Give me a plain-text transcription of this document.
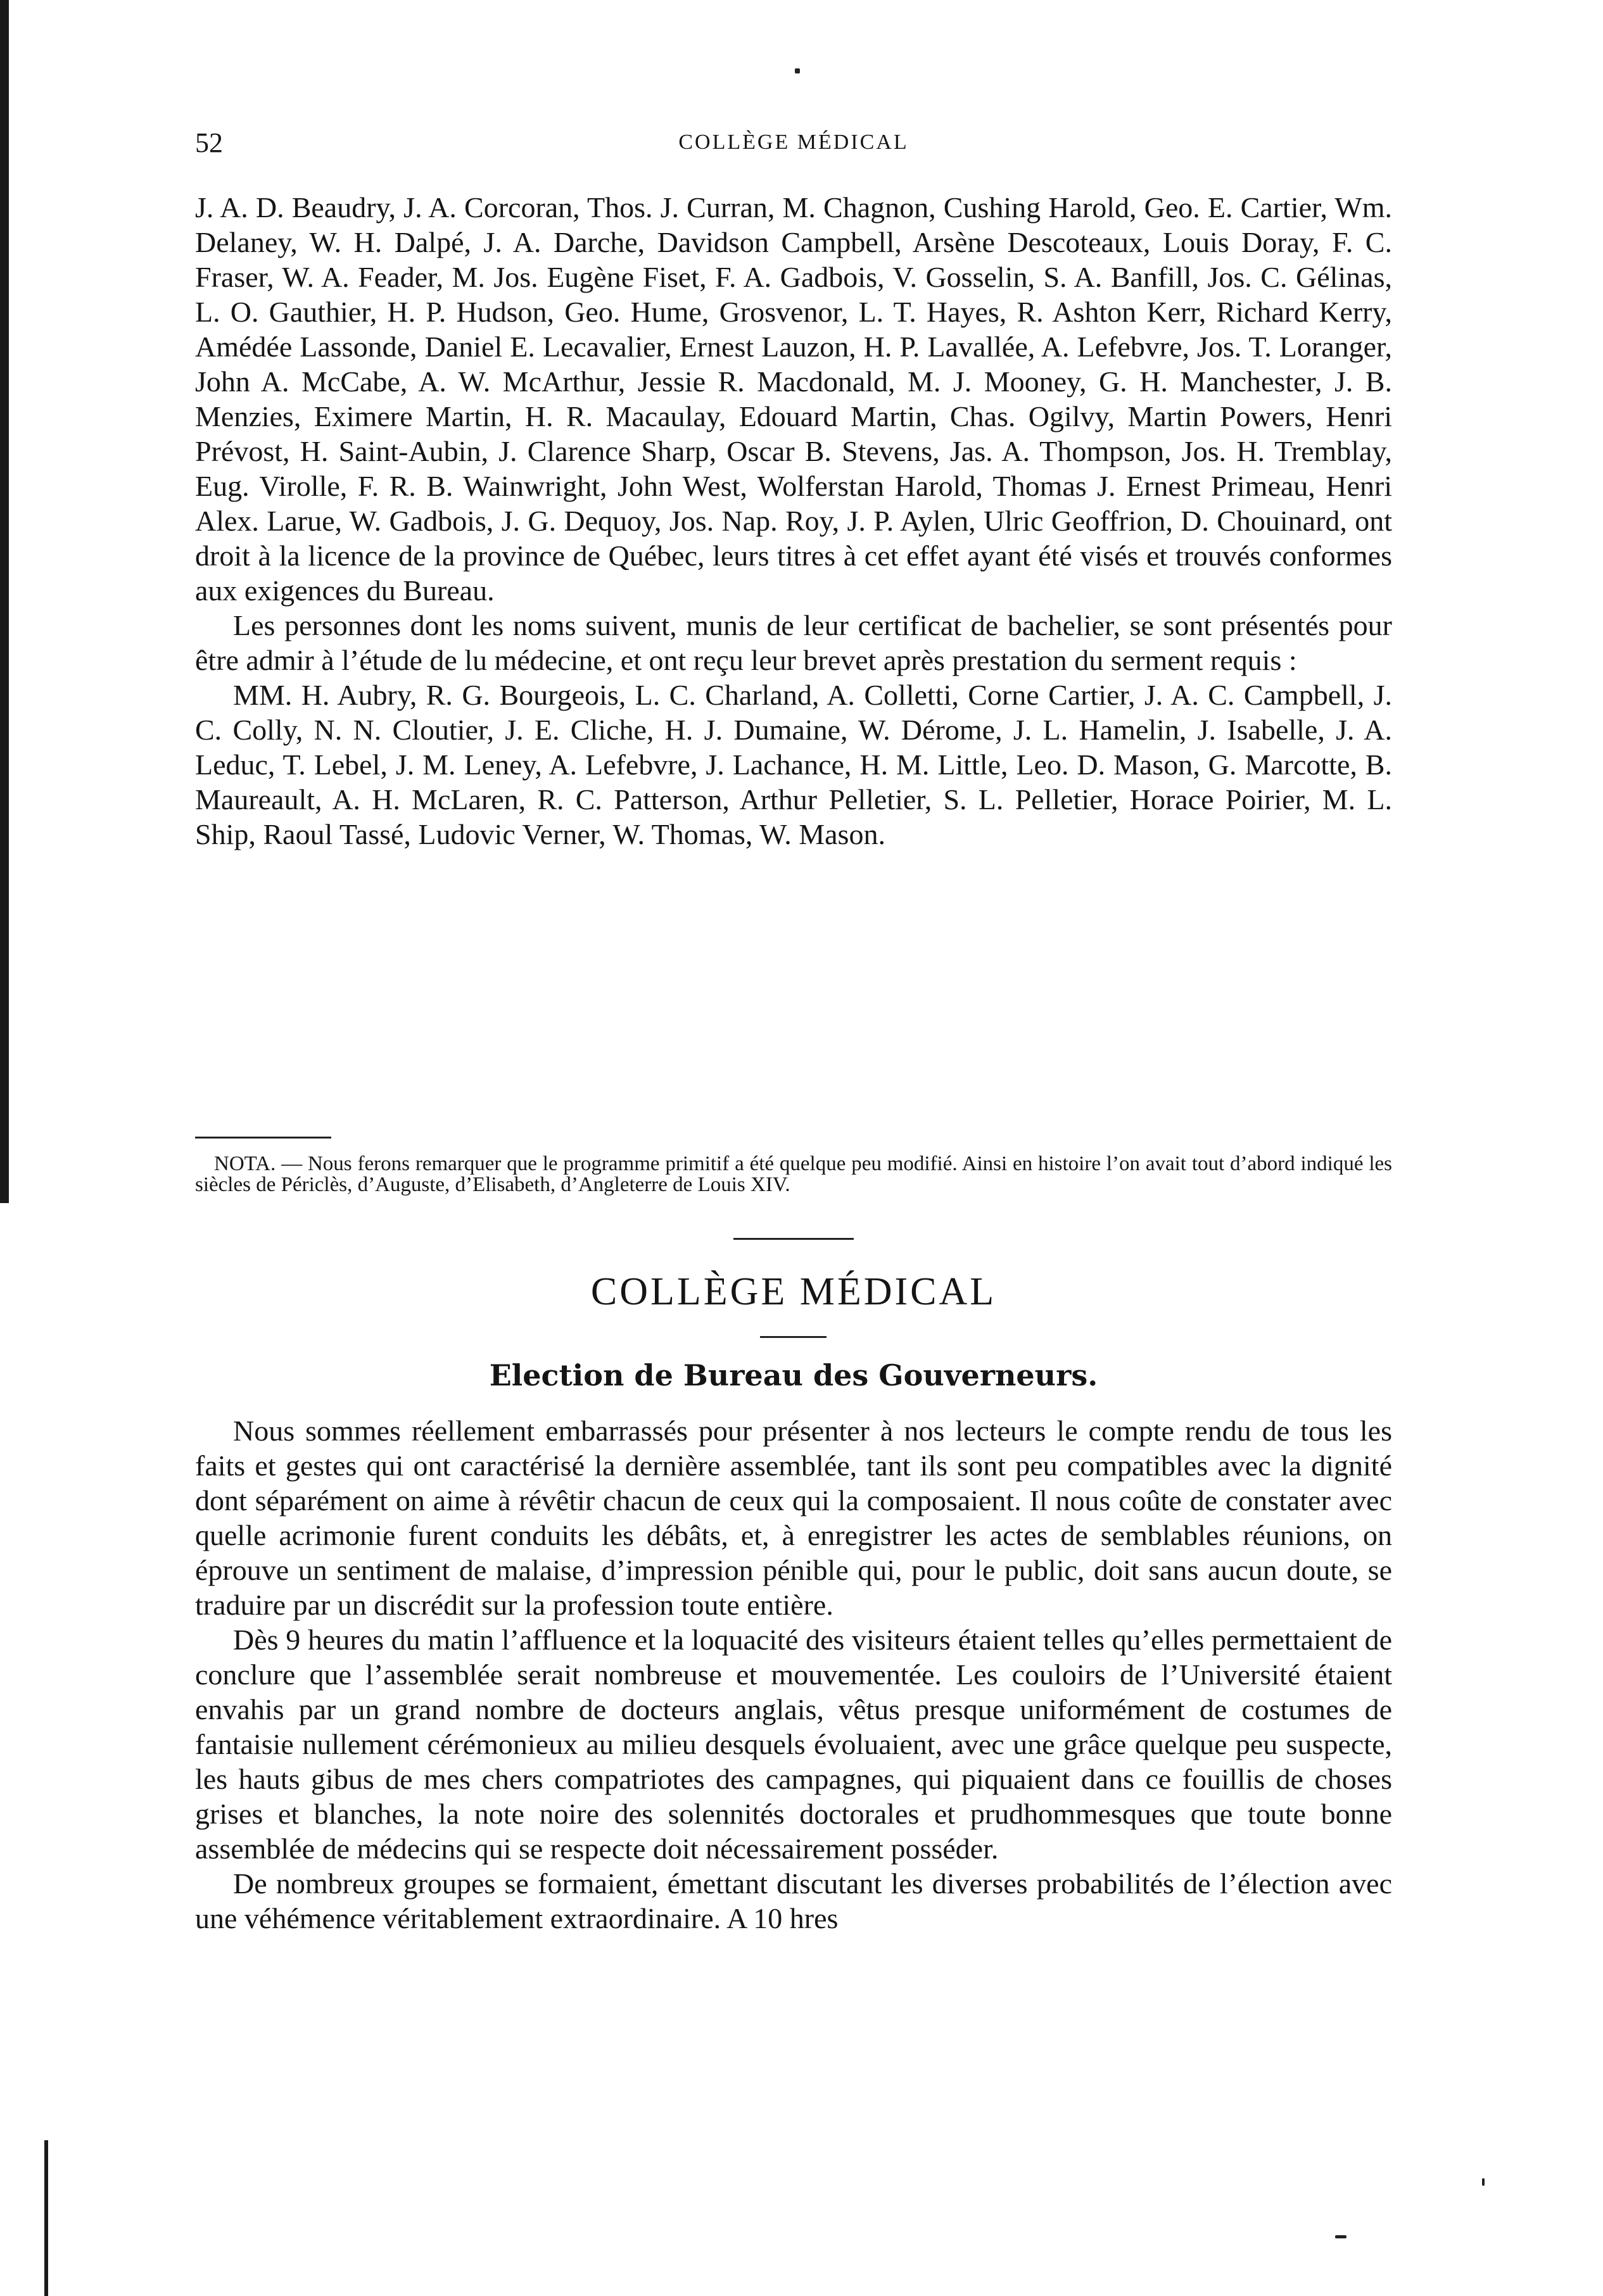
52	COLLÈGE MÉDICAL

J. A. D. Beaudry, J. A. Corcoran, Thos. J. Curran, M. Chagnon, Cushing Harold, Geo. E. Cartier, Wm. Delaney, W. H. Dalpé, J. A. Darche, Davidson Campbell, Arsène Descoteaux, Louis Doray, F. C. Fraser, W. A. Feader, M. Jos. Eugène Fiset, F. A. Gadbois, V. Gosselin, S. A. Banfill, Jos. C. Gélinas, L. O. Gauthier, H. P. Hudson, Geo. Hume, Grosvenor, L. T. Hayes, R. Ashton Kerr, Richard Kerry, Amédée Lassonde, Daniel E. Lecavalier, Ernest Lauzon, H. P. Lavallée, A. Lefebvre, Jos. T. Loranger, John A. McCabe, A. W. McArthur, Jessie R. Macdonald, M. J. Mooney, G. H. Manchester, J. B. Menzies, Eximere Martin, H. R. Macaulay, Edouard Martin, Chas. Ogilvy, Martin Powers, Henri Prévost, H. Saint-Aubin, J. Clarence Sharp, Oscar B. Stevens, Jas. A. Thompson, Jos. H. Tremblay, Eug. Virolle, F. R. B. Wainwright, John West, Wolferstan Harold, Thomas J. Ernest Primeau, Henri Alex. Larue, W. Gadbois, J. G. Dequoy, Jos. Nap. Roy, J. P. Aylen, Ulric Geoffrion, D. Chouinard, ont droit à la licence de la province de Québec, leurs titres à cet effet ayant été visés et trouvés conformes aux exigences du Bureau.

Les personnes dont les noms suivent, munis de leur certificat de bachelier, se sont présentés pour être admir à l’étude de lu médecine, et ont reçu leur brevet après prestation du serment requis :

MM. H. Aubry, R. G. Bourgeois, L. C. Charland, A. Colletti, Corne Cartier, J. A. C. Campbell, J. C. Colly, N. N. Cloutier, J. E. Cliche, H. J. Dumaine, W. Dérome, J. L. Hamelin, J. Isabelle, J. A. Leduc, T. Lebel, J. M. Leney, A. Lefebvre, J. Lachance, H. M. Little, Leo. D. Mason, G. Marcotte, B. Maureault, A. H. McLaren, R. C. Patterson, Arthur Pelletier, S. L. Pelletier, Horace Poirier, M. L. Ship, Raoul Tassé, Ludovic Verner, W. Thomas, W. Mason.

NOTA. — Nous ferons remarquer que le programme primitif a été quelque peu modifié. Ainsi en histoire l’on avait tout d’abord indiqué les siècles de Périclès, d’Auguste, d’Elisabeth, d’Angleterre de Louis XIV.

COLLÈGE MÉDICAL
Election de Bureau des Gouverneurs.

Nous sommes réellement embarrassés pour présenter à nos lecteurs le compte rendu de tous les faits et gestes qui ont caractérisé la dernière assemblée, tant ils sont peu compatibles avec la dignité dont séparément on aime à révêtir chacun de ceux qui la composaient. Il nous coûte de constater avec quelle acrimonie furent conduits les débâts, et, à enregistrer les actes de semblables réunions, on éprouve un sentiment de malaise, d’impression pénible qui, pour le public, doit sans aucun doute, se traduire par un discrédit sur la profession toute entière.

Dès 9 heures du matin l’affluence et la loquacité des visiteurs étaient telles qu’elles permettaient de conclure que l’assemblée serait nombreuse et mouvementée. Les couloirs de l’Université étaient envahis par un grand nombre de docteurs anglais, vêtus presque uniformément de costumes de fantaisie nullement cérémonieux au milieu desquels évoluaient, avec une grâce quelque peu suspecte, les hauts gibus de mes chers compatriotes des campagnes, qui piquaient dans ce fouillis de choses grises et blanches, la note noire des solennités doctorales et prudhommesques que toute bonne assemblée de médecins qui se respecte doit nécessairement posséder.

De nombreux groupes se formaient, émettant discutant les diverses probabilités de l’élection avec une véhémence véritablement extraordinaire. A 10 hres
